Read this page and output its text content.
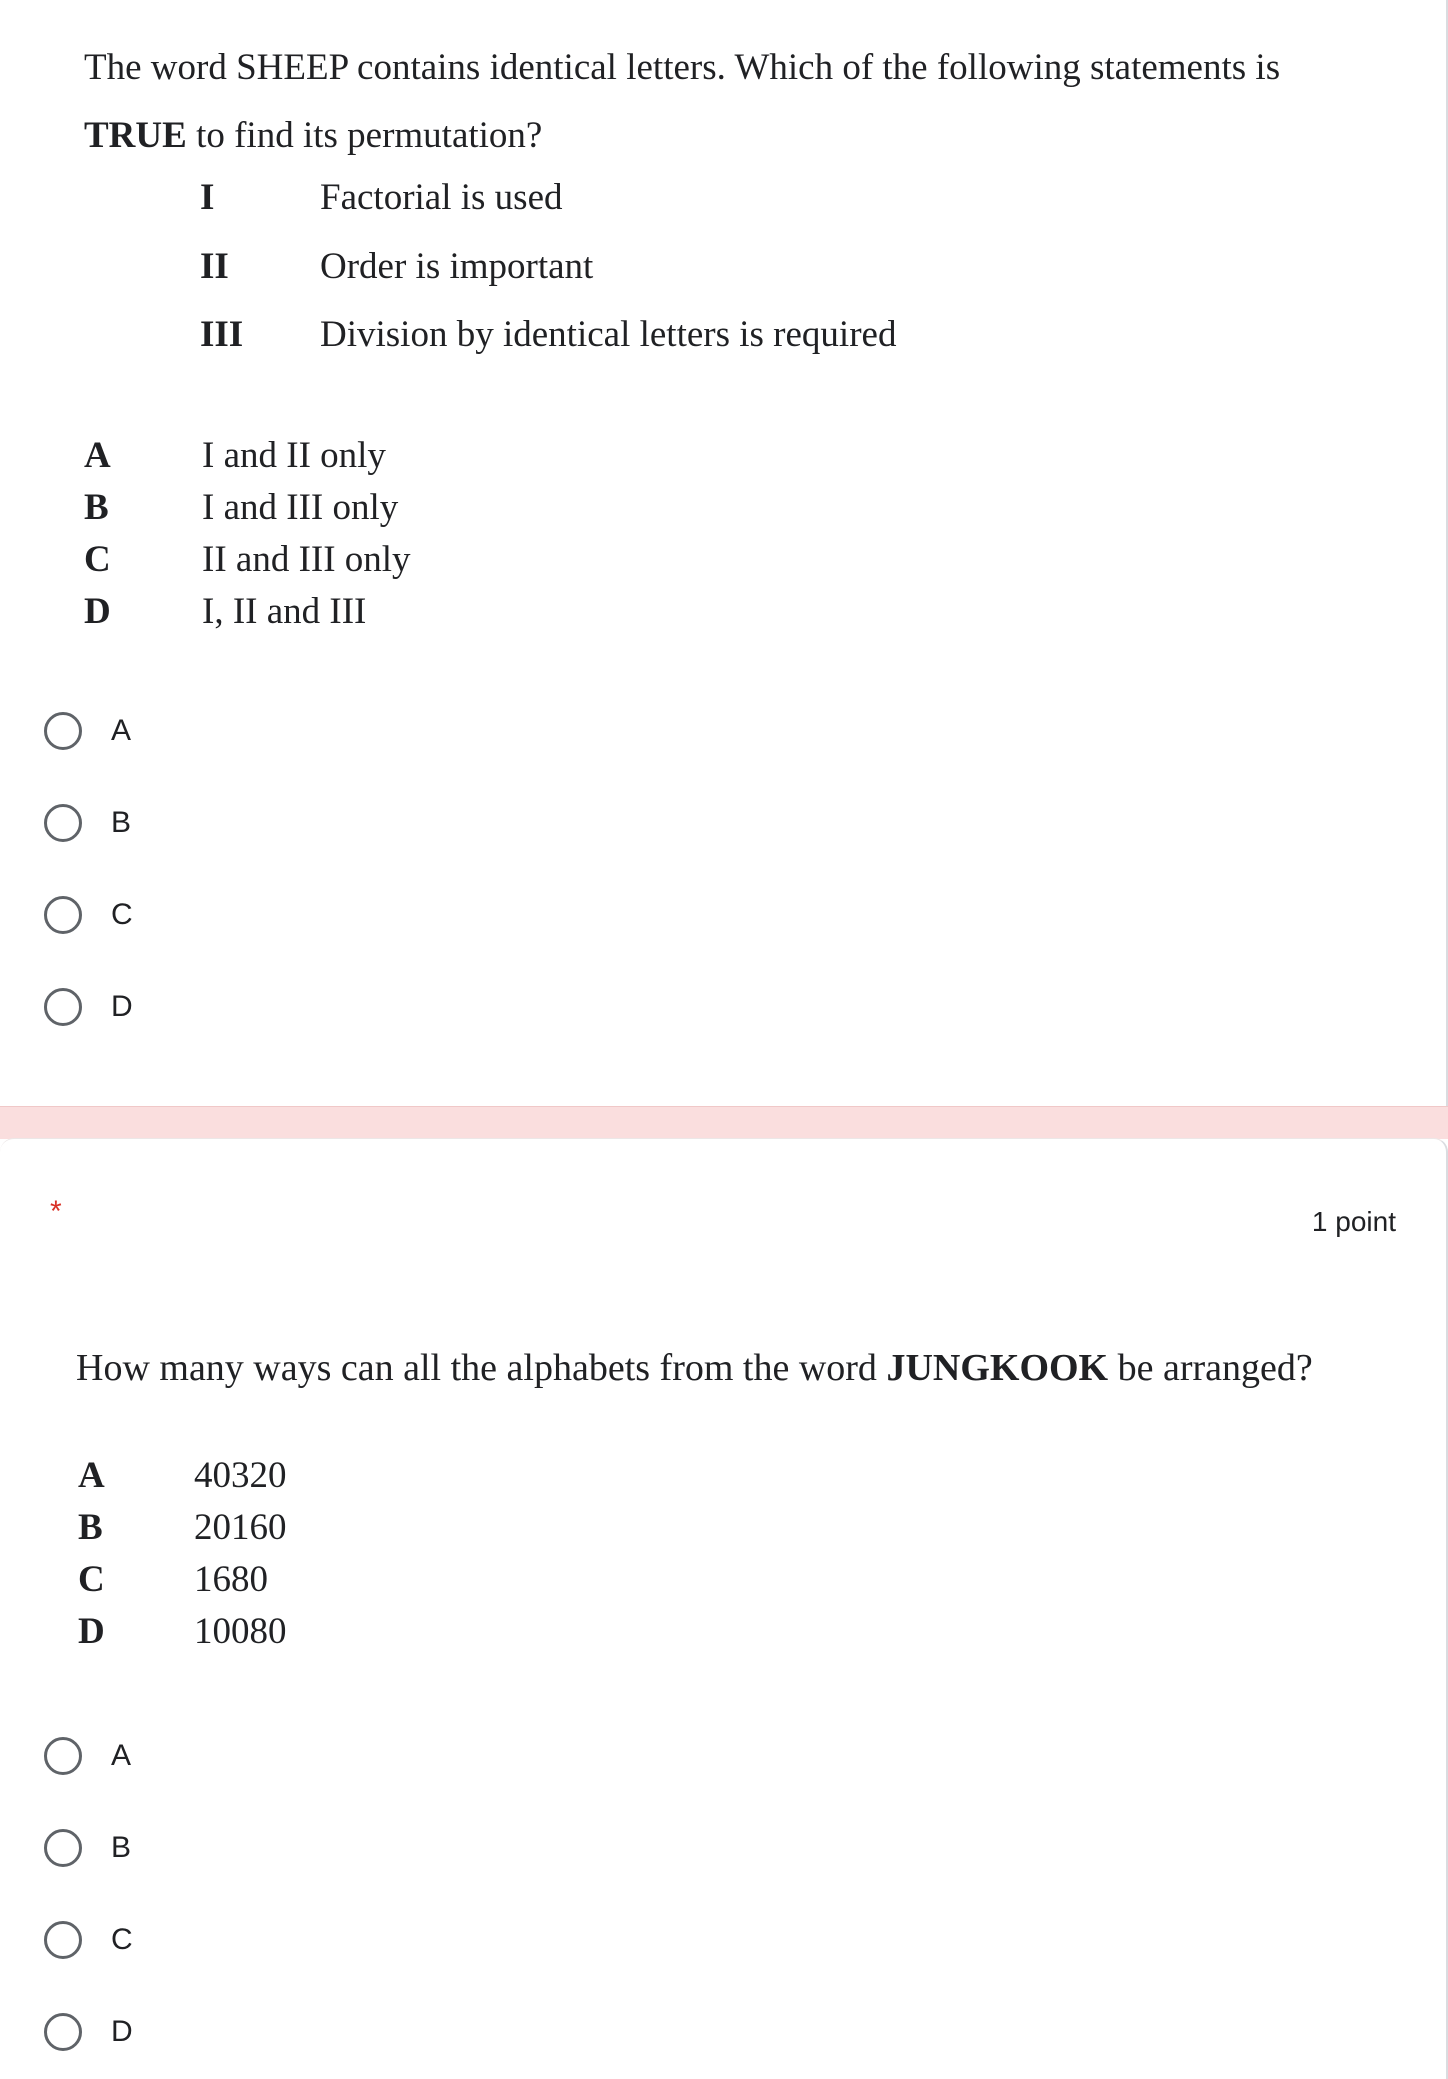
The word SHEEP contains identical letters. Which of the following statements is
TRUE to find its permutation?
I	Factorial is used
II Order is important
III Division by identical letters is required
A I and II only
B	I and III only
C II and III only
D I, II and III
A
B
C
D
*	1 point
How many ways can all the alphabets from the word JUNGKOOK be arranged?
A 40320
B 20160
C 1680
D 10080
A
B
C
D
